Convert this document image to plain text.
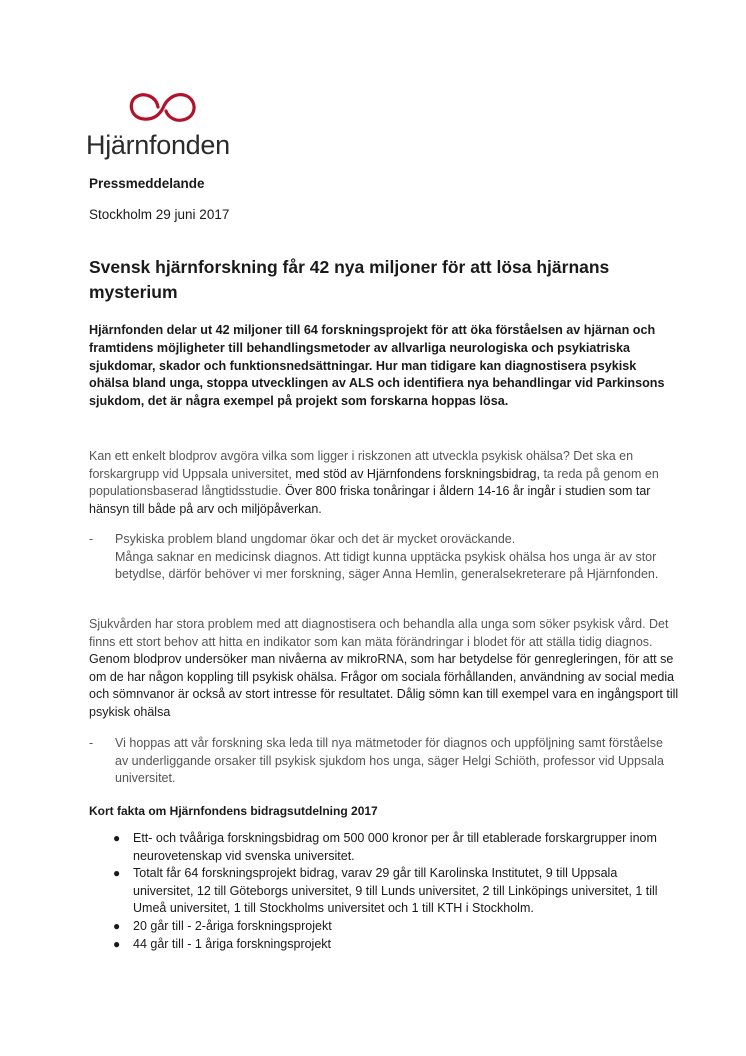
Hjärnfonden
Pressmeddelande
Stockholm 29 juni 2017
Svensk hjärnforskning får 42 nya miljoner för att lösa hjärnans mysterium
Hjärnfonden delar ut 42 miljoner till 64 forskningsprojekt för att öka förståelsen av hjärnan och framtidens möjligheter till behandlingsmetoder av allvarliga neurologiska och psykiatriska sjukdomar, skador och funktionsnedsättningar. Hur man tidigare kan diagnostisera psykisk ohälsa bland unga, stoppa utvecklingen av ALS och identifiera nya behandlingar vid Parkinsons sjukdom, det är några exempel på projekt som forskarna hoppas lösa.
Kan ett enkelt blodprov avgöra vilka som ligger i riskzonen att utveckla psykisk ohälsa? Det ska en forskargrupp vid Uppsala universitet, med stöd av Hjärnfondens forskningsbidrag, ta reda på genom en populationsbaserad långtidsstudie. Över 800 friska tonåringar i åldern 14-16 år ingår i studien som tar hänsyn till både på arv och miljöpåverkan.
- Psykiska problem bland ungdomar ökar och det är mycket oroväckande.
Många saknar en medicinsk diagnos. Att tidigt kunna upptäcka psykisk ohälsa hos unga är av stor betydlse, därför behöver vi mer forskning, säger Anna Hemlin, generalsekreterare på Hjärnfonden.
Sjukvården har stora problem med att diagnostisera och behandla alla unga som söker psykisk vård. Det finns ett stort behov att hitta en indikator som kan mäta förändringar i blodet för att ställa tidig diagnos. Genom blodprov undersöker man nivåerna av mikroRNA, som har betydelse för genregleringen, för att se om de har någon koppling till psykisk ohälsa. Frågor om sociala förhållanden, användning av social media och sömnvanor är också av stort intresse för resultatet. Dålig sömn kan till exempel vara en ingångsport till psykisk ohälsa
- Vi hoppas att vår forskning ska leda till nya mätmetoder för diagnos och uppföljning samt förståelse av underliggande orsaker till psykisk sjukdom hos unga, säger Helgi Schiöth, professor vid Uppsala universitet.
Kort fakta om Hjärnfondens bidragsutdelning 2017
● Ett- och tvååriga forskningsbidrag om 500 000 kronor per år till etablerade forskargrupper inom neurovetenskap vid svenska universitet.
● Totalt får 64 forskningsprojekt bidrag, varav 29 går till Karolinska Institutet, 9 till Uppsala universitet, 12 till Göteborgs universitet, 9 till Lunds universitet, 2 till Linköpings universitet, 1 till Umeå universitet, 1 till Stockholms universitet och 1 till KTH i Stockholm.
● 20 går till - 2-åriga forskningsprojekt
● 44 går till - 1 åriga forskningsprojekt
